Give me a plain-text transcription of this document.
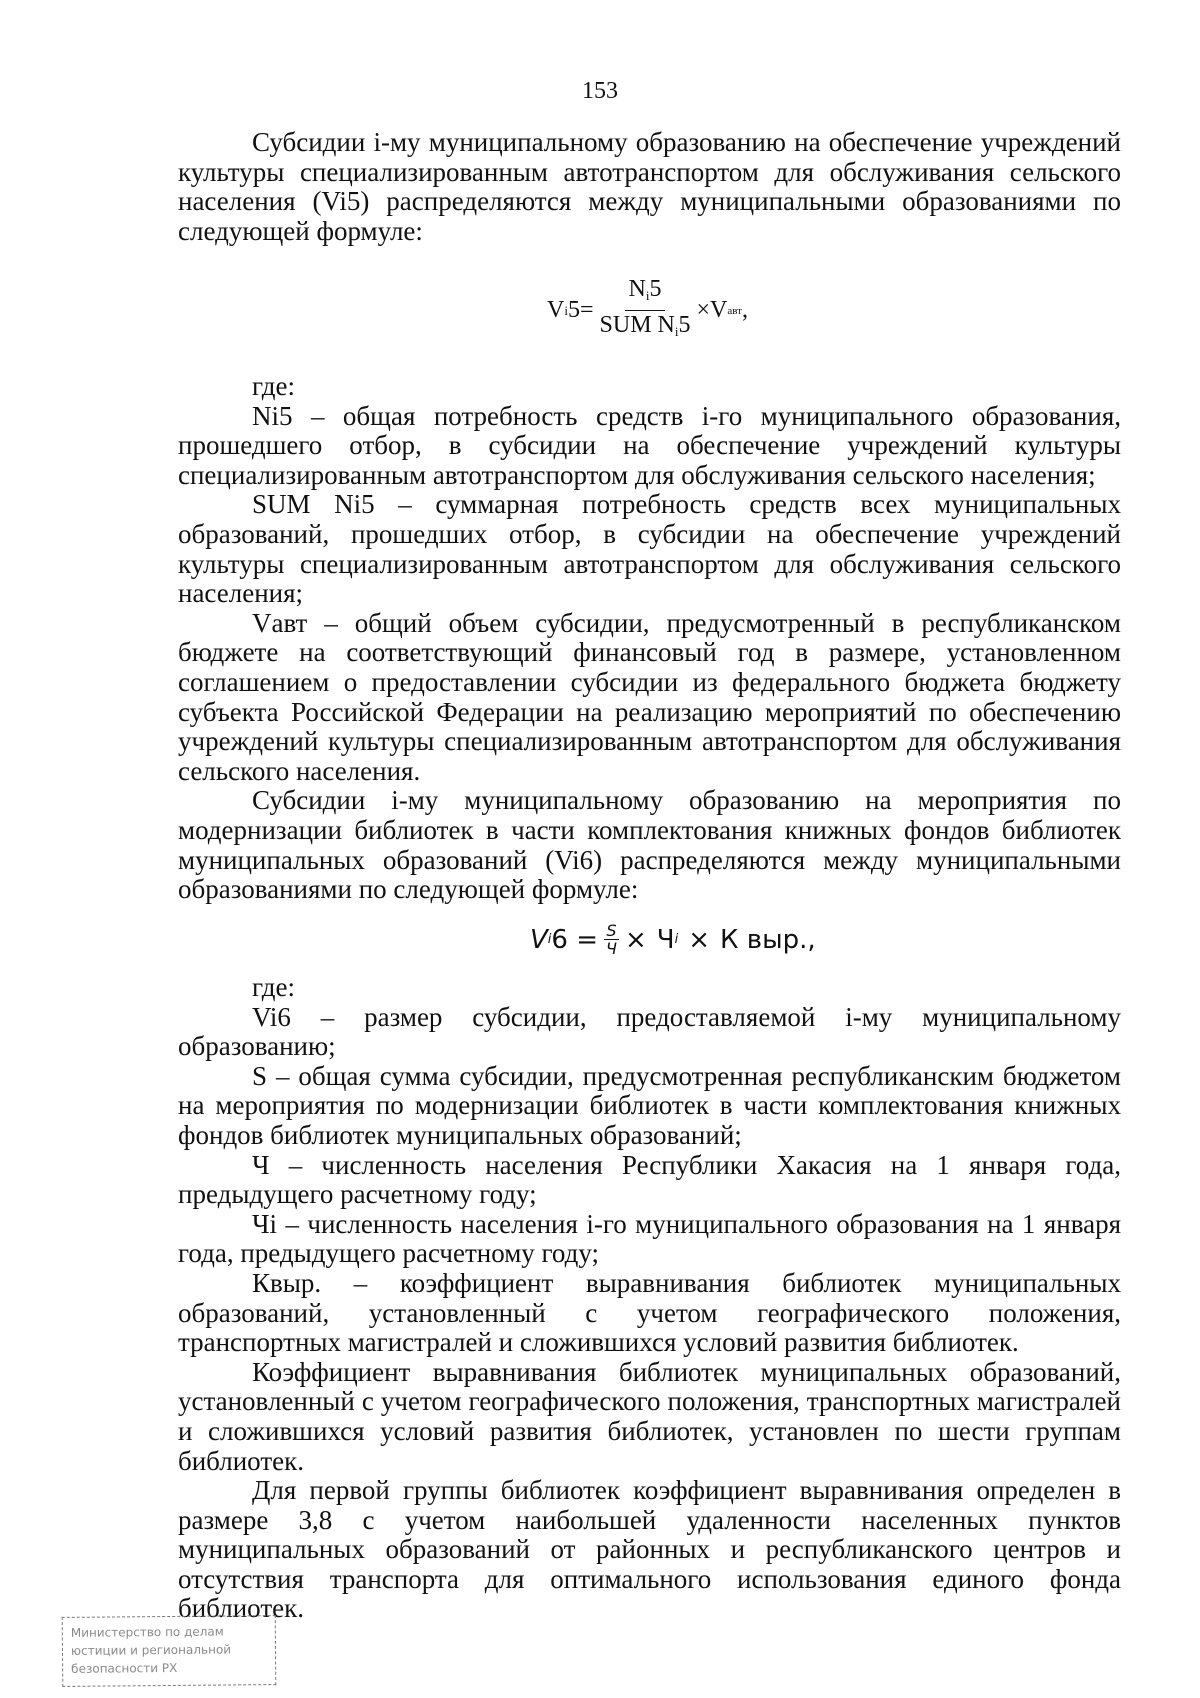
153

Субсидии i-му муниципальному образованию на обеспечение учреждений культуры специализированным автотранспортом для обслуживания сельского населения (Vi5) распределяются между муниципальными образованиями по следующей формуле:

V i $5= \frac{N_i5}{SUM N_i5} \times V$ авт ,

где:

Ni5 – общая потребность средств i-го муниципального образования, прошедшего отбор, в субсидии на обеспечение учреждений культуры специализированным автотранспортом для обслуживания сельского населения;

SUM Ni5 – суммарная потребность средств всех муниципальных образований, прошедших отбор, в субсидии на обеспечение учреждений культуры специализированным автотранспортом для обслуживания сельского населения;

Vавт – общий объем субсидии, предусмотренный в республиканском бюджете на соответствующий финансовый год в размере, установленном соглашением о предоставлении субсидии из федерального бюджета бюджету субъекта Российской Федерации на реализацию мероприятий по обеспечению учреждений культуры специализированным автотранспортом для обслуживания сельского населения.

Субсидии i-му муниципальному образованию на мероприятия по модернизации библиотек в части комплектования книжных фондов библиотек муниципальных образований (Vi6) распределяются между муниципальными образованиями по следующей формуле:

V i $6 = \frac{S}{Ч} \times Ч$ i × К выр .,

где:

Vi6 – размер субсидии, предоставляемой i-му муниципальному образованию;

S – общая сумма субсидии, предусмотренная республиканским бюджетом на мероприятия по модернизации библиотек в части комплектования книжных фондов библиотек муниципальных образований;

Ч – численность населения Республики Хакасия на 1 января года, предыдущего расчетному году;

Чi – численность населения i-го муниципального образования на 1 января года, предыдущего расчетному году;

Квыр. – коэффициент выравнивания библиотек муниципальных образований, установленный с учетом географического положения, транспортных магистралей и сложившихся условий развития библиотек.

Коэффициент выравнивания библиотек муниципальных образований, установленный с учетом географического положения, транспортных магистралей и сложившихся условий развития библиотек, установлен по шести группам библиотек.

Для первой группы библиотек коэффициент выравнивания определен в размере 3,8 с учетом наибольшей удаленности населенных пунктов муниципальных образований от районных и республиканского центров и отсутствия транспорта для оптимального использования единого фонда библиотек.

Министерство по делам
юстиции и региональной
безопасности РХ
